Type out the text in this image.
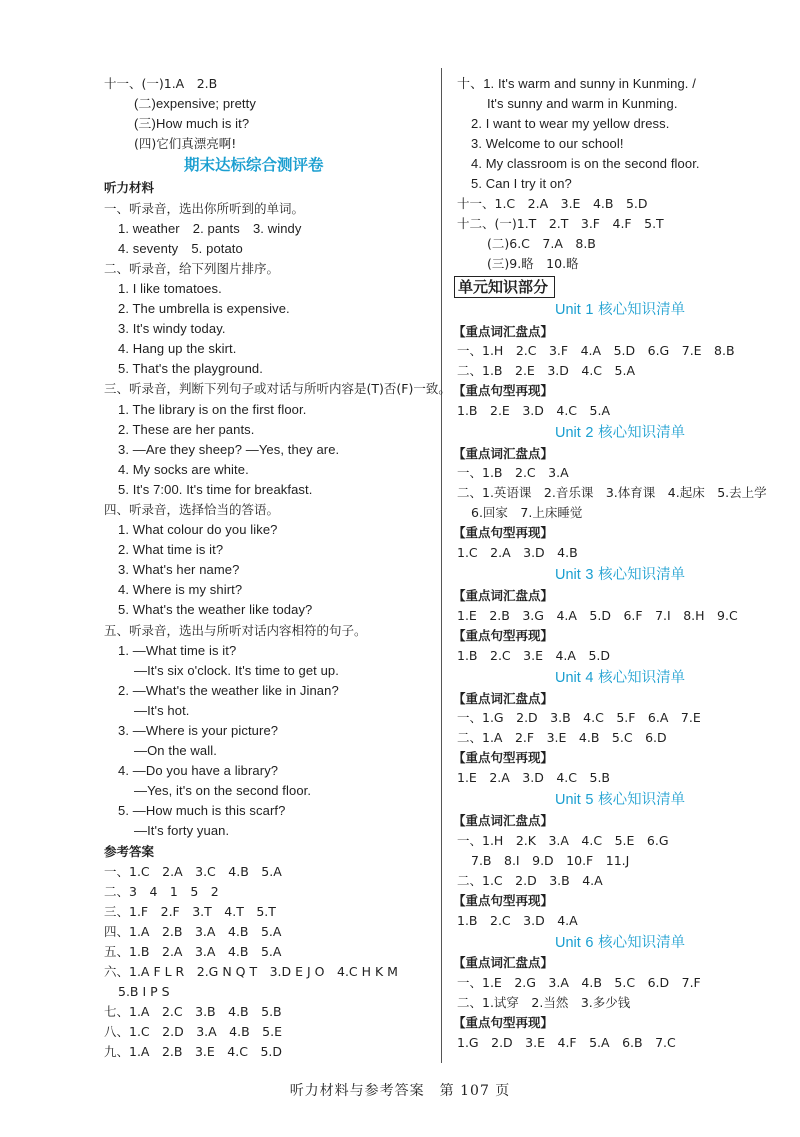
十一、(一)1.A　2.B
(二)expensive; pretty
(三)How much is it?
(四)它们真漂亮啊!
期末达标综合测评卷
听力材料
一、听录音，选出你所听到的单词。
1. weather　2. pants　3. windy
4. seventy　5. potato
二、听录音，给下列图片排序。
1. I like tomatoes.
2. The umbrella is expensive.
3. It's windy today.
4. Hang up the skirt.
5. That's the playground.
三、听录音，判断下列句子或对话与所听内容是(T)否(F)一致。
1. The library is on the first floor.
2. These are her pants.
3. —Are they sheep? —Yes, they are.
4. My socks are white.
5. It's 7:00. It's time for breakfast.
四、听录音，选择恰当的答语。
1. What colour do you like?
2. What time is it?
3. What's her name?
4. Where is my shirt?
5. What's the weather like today?
五、听录音，选出与所听对话内容相符的句子。
1. —What time is it?
—It's six o'clock. It's time to get up.
2. —What's the weather like in Jinan?
—It's hot.
3. —Where is your picture?
—On the wall.
4. —Do you have a library?
—Yes, it's on the second floor.
5. —How much is this scarf?
—It's forty yuan.
参考答案
一、1.C　2.A　3.C　4.B　5.A
二、3　4　1　5　2
三、1.F　2.F　3.T　4.T　5.T
四、1.A　2.B　3.A　4.B　5.A
五、1.B　2.A　3.A　4.B　5.A
六、1.A F L R　2.G N Q T　3.D E J O　4.C H K M
5.B I P S
七、1.A　2.C　3.B　4.B　5.B
八、1.C　2.D　3.A　4.B　5.E
九、1.A　2.B　3.E　4.C　5.D
十、1. It's warm and sunny in Kunming. /
It's sunny and warm in Kunming.
2. I want to wear my yellow dress.
3. Welcome to our school!
4. My classroom is on the second floor.
5. Can I try it on?
十一、1.C　2.A　3.E　4.B　5.D
十二、(一)1.T　2.T　3.F　4.F　5.T
(二)6.C　7.A　8.B
(三)9.略　10.略
单元知识部分
Unit 1 核心知识清单
【重点词汇盘点】
一、1.H　2.C　3.F　4.A　5.D　6.G　7.E　8.B
二、1.B　2.E　3.D　4.C　5.A
【重点句型再现】
1.B　2.E　3.D　4.C　5.A
Unit 2 核心知识清单
【重点词汇盘点】
一、1.B　2.C　3.A
二、1.英语课　2.音乐课　3.体育课　4.起床　5.去上学
6.回家　7.上床睡觉
【重点句型再现】
1.C　2.A　3.D　4.B
Unit 3 核心知识清单
【重点词汇盘点】
1.E　2.B　3.G　4.A　5.D　6.F　7.I　8.H　9.C
【重点句型再现】
1.B　2.C　3.E　4.A　5.D
Unit 4 核心知识清单
【重点词汇盘点】
一、1.G　2.D　3.B　4.C　5.F　6.A　7.E
二、1.A　2.F　3.E　4.B　5.C　6.D
【重点句型再现】
1.E　2.A　3.D　4.C　5.B
Unit 5 核心知识清单
【重点词汇盘点】
一、1.H　2.K　3.A　4.C　5.E　6.G
7.B　8.I　9.D　10.F　11.J
二、1.C　2.D　3.B　4.A
【重点句型再现】
1.B　2.C　3.D　4.A
Unit 6 核心知识清单
【重点词汇盘点】
一、1.E　2.G　3.A　4.B　5.C　6.D　7.F
二、1.试穿　2.当然　3.多少钱
【重点句型再现】
1.G　2.D　3.E　4.F　5.A　6.B　7.C
听力材料与参考答案　第 107 页
